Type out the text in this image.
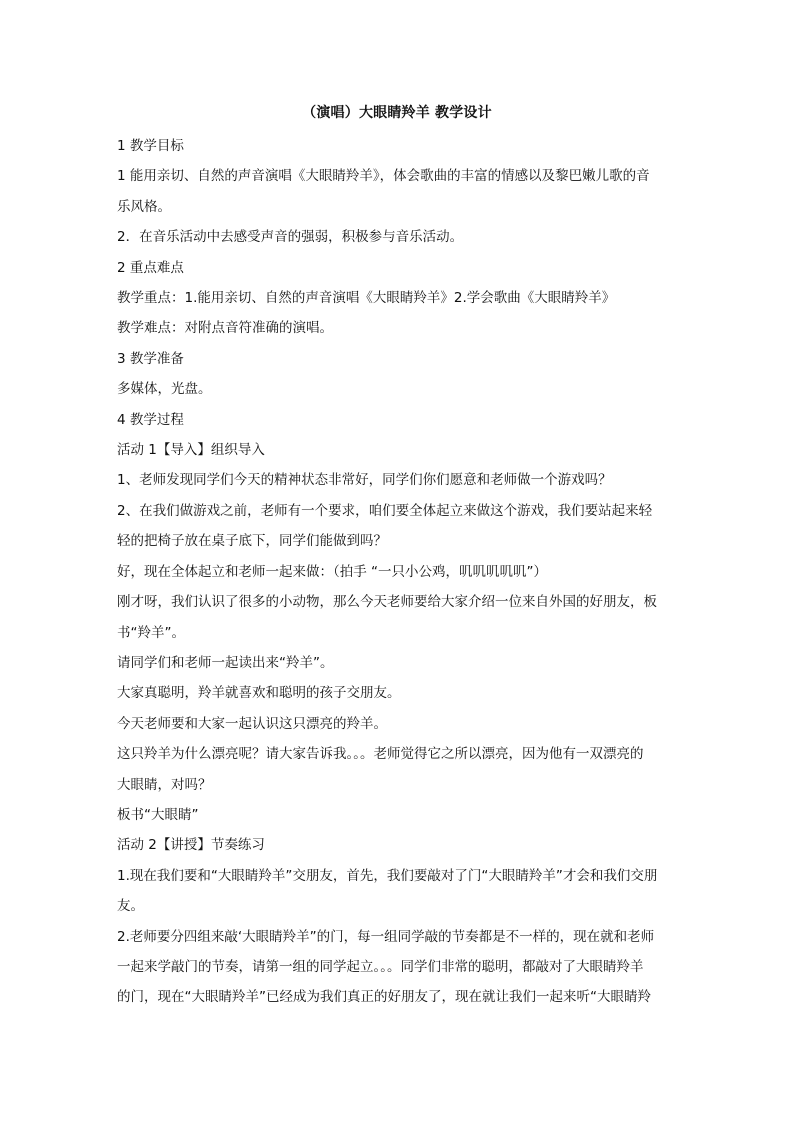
（演唱）大眼睛羚羊 教学设计

1 教学目标

1 能用亲切、自然的声音演唱《大眼睛羚羊》，体会歌曲的丰富的情感以及黎巴嫩儿歌的音

乐风格。

2．在音乐活动中去感受声音的强弱，积极参与音乐活动。

2 重点难点

教学重点：1.能用亲切、自然的声音演唱《大眼睛羚羊》2.学会歌曲《大眼睛羚羊》

教学难点：对附点音符准确的演唱。

3 教学准备

多媒体，光盘。

4 教学过程

活动 1【导入】组织导入

1、老师发现同学们今天的精神状态非常好，同学们你们愿意和老师做一个游戏吗？

2、在我们做游戏之前，老师有一个要求，咱们要全体起立来做这个游戏，我们要站起来轻

轻的把椅子放在桌子底下，同学们能做到吗？

好，现在全体起立和老师一起来做：（拍手 “一只小公鸡，叽叽叽叽叽”）

刚才呀，我们认识了很多的小动物，那么今天老师要给大家介绍一位来自外国的好朋友，板

书“羚羊”。

请同学们和老师一起读出来“羚羊”。

大家真聪明，羚羊就喜欢和聪明的孩子交朋友。

今天老师要和大家一起认识这只漂亮的羚羊。

这只羚羊为什么漂亮呢？请大家告诉我。。。老师觉得它之所以漂亮，因为他有一双漂亮的

大眼睛，对吗？

板书“大眼睛”

活动 2【讲授】节奏练习

1.现在我们要和“大眼睛羚羊”交朋友，首先，我们要敲对了门“大眼睛羚羊”才会和我们交朋

友。

2.老师要分四组来敲‘大眼睛羚羊”的门，每一组同学敲的节奏都是不一样的，现在就和老师

一起来学敲门的节奏，请第一组的同学起立。。。同学们非常的聪明，都敲对了大眼睛羚羊

的门，现在“大眼睛羚羊”已经成为我们真正的好朋友了，现在就让我们一起来听“大眼睛羚
